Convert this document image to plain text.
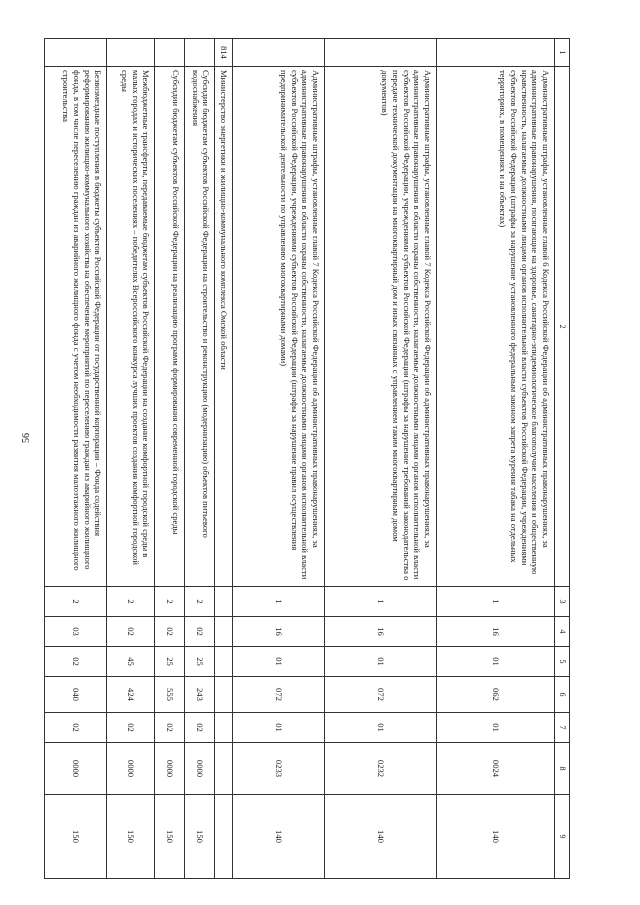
56
1	2	3	4	5	6	7	8	9
	Административные штрафы, установленные главой 6 Кодекса Российской Федерации об административных правонарушениях, за административные правонарушения, посягающие на здоровье, санитарно-эпидемиологическое благополучие населения и общественную нравственность, налагаемые должностными лицами органов исполнительной власти субъектов Российской Федерации, учреждениями субъектов Российской Федерации (штрафы за нарушение установленного федеральным законом запрета курения табака на отдельных территориях, в помещениях и на объектах)	1	16	01	062	01	0024	140
	Административные штрафы, установленные главой 7 Кодекса Российской Федерации об административных правонарушениях, за административные правонарушения в области охраны собственности, налагаемые должностными лицами органов исполнительной власти субъектов Российской Федерации, учреждениями субъектов Российской Федерации (штрафы за нарушение требований законодательства о передаче технической документации на многоквартирный дом и иных связанных с управлением таким многоквартирным домом документов)	1	16	01	072	01	0232	140
	Административные штрафы, установленные главой 7 Кодекса Российской Федерации об административных правонарушениях, за административные правонарушения в области охраны собственности, налагаемые должностными лицами органов исполнительной власти субъектов Российской Федерации, учреждениями субъектов Российской Федерации (штрафы за нарушение правил осуществления предпринимательской деятельности по управлению многоквартирными домами)	1	16	01	072	01	0233	140
814	Министерство энергетики и жилищно-коммунального комплекса Омской области							
	Субсидии бюджетам субъектов Российской Федерации на строительство и реконструкцию (модернизацию) объектов питьевого водоснабжения	2	02	25	243	02	0000	150
	Субсидии бюджетам субъектов Российской Федерации на реализацию программ формирования современной городской среды	2	02	25	555	02	0000	150
	Межбюджетные трансферты, передаваемые бюджетам субъектов Российской Федерации на создание комфортной городской среды в малых городах и исторических поселениях – победителях Всероссийского конкурса лучших проектов создания комфортной городской среды	2	02	45	424	02	0000	150
	Безвозмездные поступления в бюджеты субъектов Российской Федерации от государственной корпорации – Фонда содействия реформированию жилищно-коммунального хозяйства на обеспечение мероприятий по переселению граждан из аварийного жилищного фонда, в том числе переселению граждан из аварийного жилищного фонда с учетом необходимости развития малоэтажного жилищного строительства	2	03	02	040	02	0000	150
